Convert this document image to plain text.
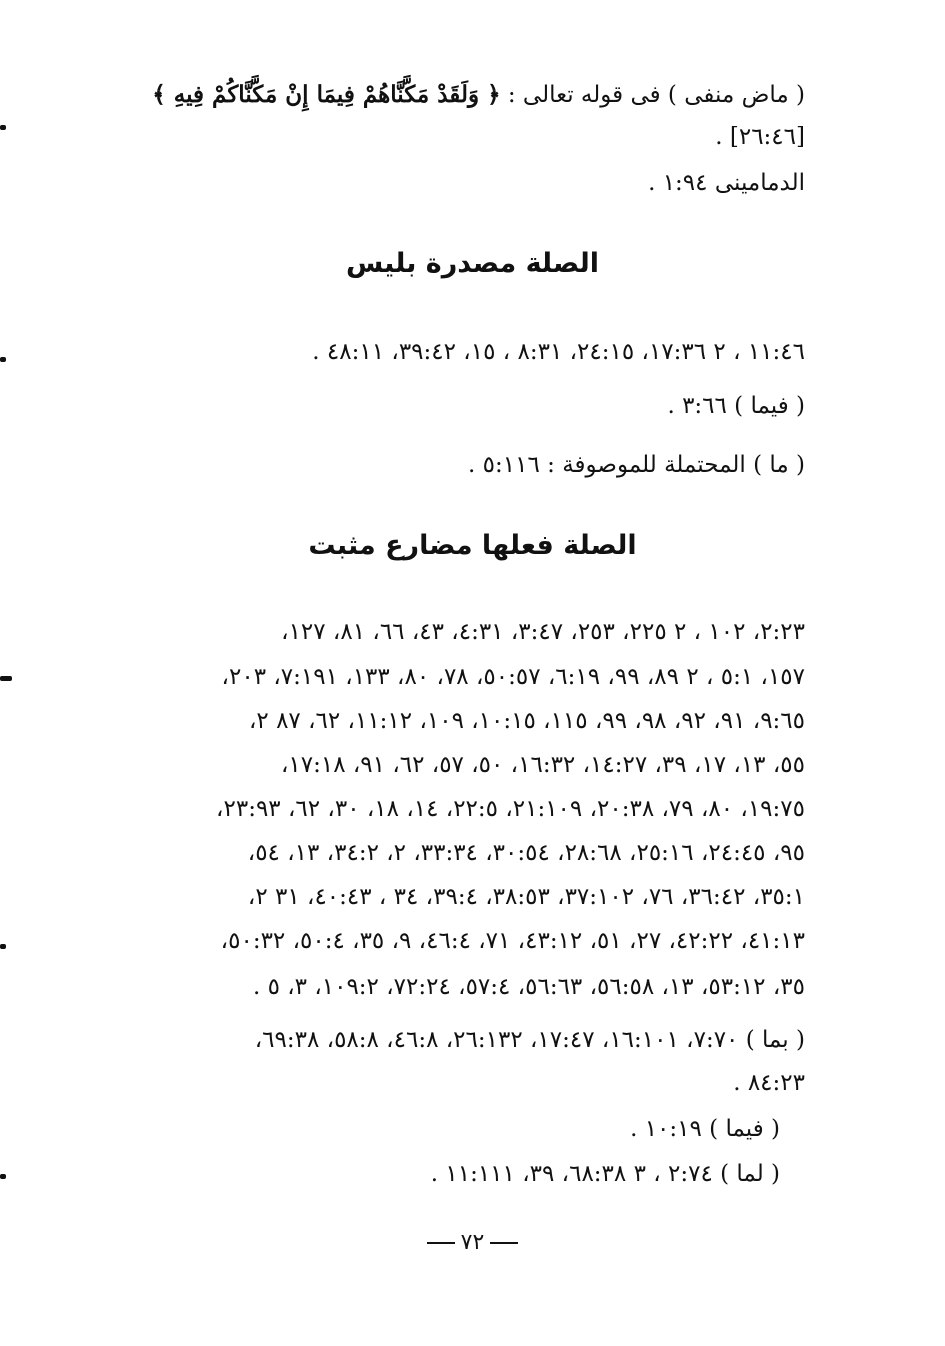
( ماض منفى ) فى قوله تعالى : ﴿ وَلَقَدْ مَكَّنَّاهُمْ فِيمَا إِنْ مَكَّنَّاكُمْ فِيهِ ﴾
[٢٦:٤٦] .
الدمامينى ١:٩٤ .
الصلة مصدرة بليس
١١:٤٦ ، ٢ ١٧:٣٦، ٢٤:١٥، ٨:٣١ ، ١٥، ٣٩:٤٢، ٤٨:١١ .
( فيما ) ٣:٦٦ .
( ما ) المحتملة للموصوفة : ٥:١١٦ .
الصلة فعلها مضارع مثبت
٢:٢٣، ١٠٢ ، ٢ ٢٢٥، ٢٥٣، ٣:٤٧، ٤:٣١، ٤٣، ٦٦، ٨١، ١٢٧،
١٥٧، ٥:١ ، ٢ ٨٩، ٩٩، ٦:١٩، ٥٠:٥٧، ٧٨، ٨٠، ١٣٣، ٧:١٩١، ٢٠٣،
٩:٦٥، ٩١، ٩٢، ٩٨، ٩٩، ١١٥، ١٠:١٥، ١٠٩، ١١:١٢، ٦٢، ٨٧ ٢،
٥٥، ١٣، ١٧، ٣٩، ١٤:٢٧، ١٦:٣٢، ٥٠، ٥٧، ٦٢، ٩١، ١٧:١٨،
١٩:٧٥، ٨٠، ٧٩، ٢٠:٣٨، ٢١:١٠٩، ٢٢:٥، ١٤، ١٨، ٣٠، ٦٢، ٢٣:٩٣،
٩٥، ٢٤:٤٥، ٢٥:١٦، ٢٨:٦٨، ٣٠:٥٤، ٣٣:٣٤، ٢، ٣٤:٢، ١٣، ٥٤،
٣٥:١، ٣٦:٤٢، ٧٦، ٣٧:١٠٢، ٣٨:٥٣، ٣٩:٤، ٣٤ ، ٤٠:٤٣، ٣١ ٢،
٤١:١٣، ٤٢:٢٢، ٢٧، ٥١، ٤٣:١٢، ٧١، ٤٦:٤، ٩، ٣٥، ٥٠:٤، ٥٠:٣٢،
٣٥، ٥٣:١٢، ١٣، ٥٦:٥٨، ٥٦:٦٣، ٥٧:٤، ٧٢:٢٤، ١٠٩:٢، ٣، ٥ .
( بما ) ٧:٧٠، ١٦:١٠١، ١٧:٤٧، ٢٦:١٣٢، ٤٦:٨، ٥٨:٨، ٦٩:٣٨،
٨٤:٢٣ .
( فيما ) ١٠:١٩ .
( لما ) ٢:٧٤ ، ٣ ٦٨:٣٨، ٣٩، ١١:١١١ .
٧٢
